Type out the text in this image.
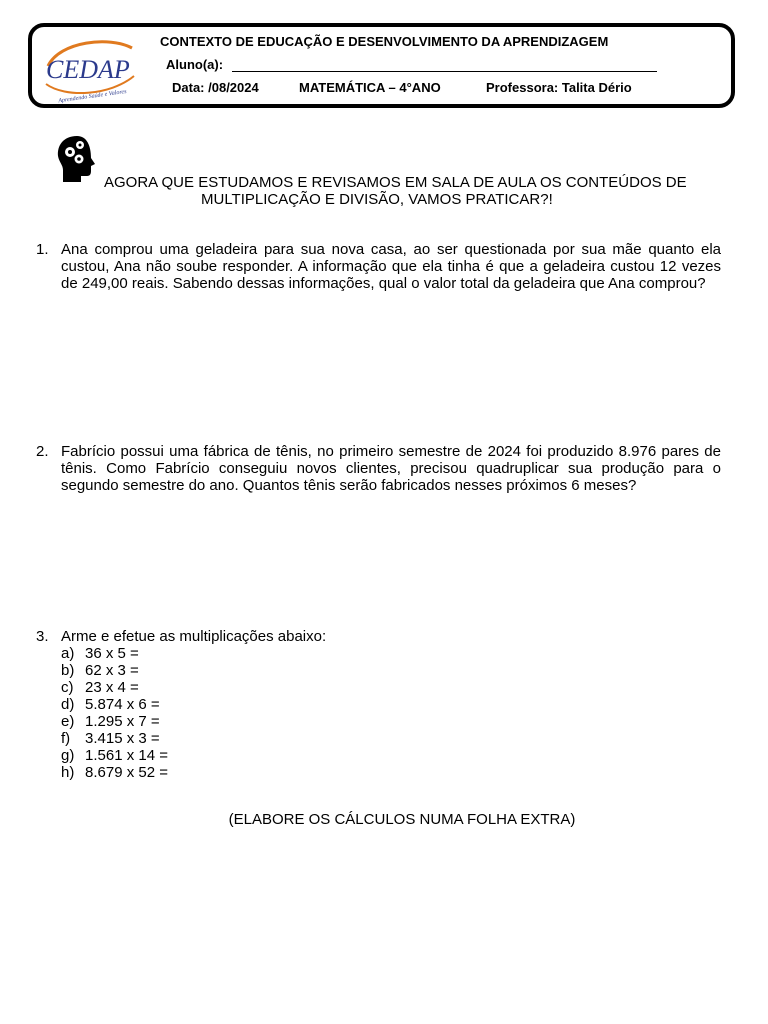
CEDAP
Aprendendo Saúde e Valores
CONTEXTO DE EDUCAÇÃO E DESENVOLVIMENTO DA APRENDIZAGEM
Aluno(a):
Data: /08/2024	MATEMÁTICA – 4°ANO	Professora: Talita Dério
AGORA QUE ESTUDAMOS E REVISAMOS EM SALA DE AULA OS CONTEÚDOS DE
MULTIPLICAÇÃO E DIVISÃO, VAMOS PRATICAR?!
1. Ana comprou uma geladeira para sua nova casa, ao ser questionada por sua mãe quanto ela custou, Ana não soube responder. A informação que ela tinha é que a geladeira custou 12 vezes de 249,00 reais. Sabendo dessas informações, qual o valor total da geladeira que Ana comprou?
2. Fabrício possui uma fábrica de tênis, no primeiro semestre de 2024 foi produzido 8.976 pares de tênis. Como Fabrício conseguiu novos clientes, precisou quadruplicar sua produção para o segundo semestre do ano. Quantos tênis serão fabricados nesses próximos 6 meses?
3. Arme e efetue as multiplicações abaixo:
a) 36 x 5 =
b) 62 x 3 =
c) 23 x 4 =
d) 5.874 x 6 =
e) 1.295 x 7 =
f) 3.415 x 3 =
g) 1.561 x 14 =
h) 8.679 x 52 =
(ELABORE OS CÁLCULOS NUMA FOLHA EXTRA)
